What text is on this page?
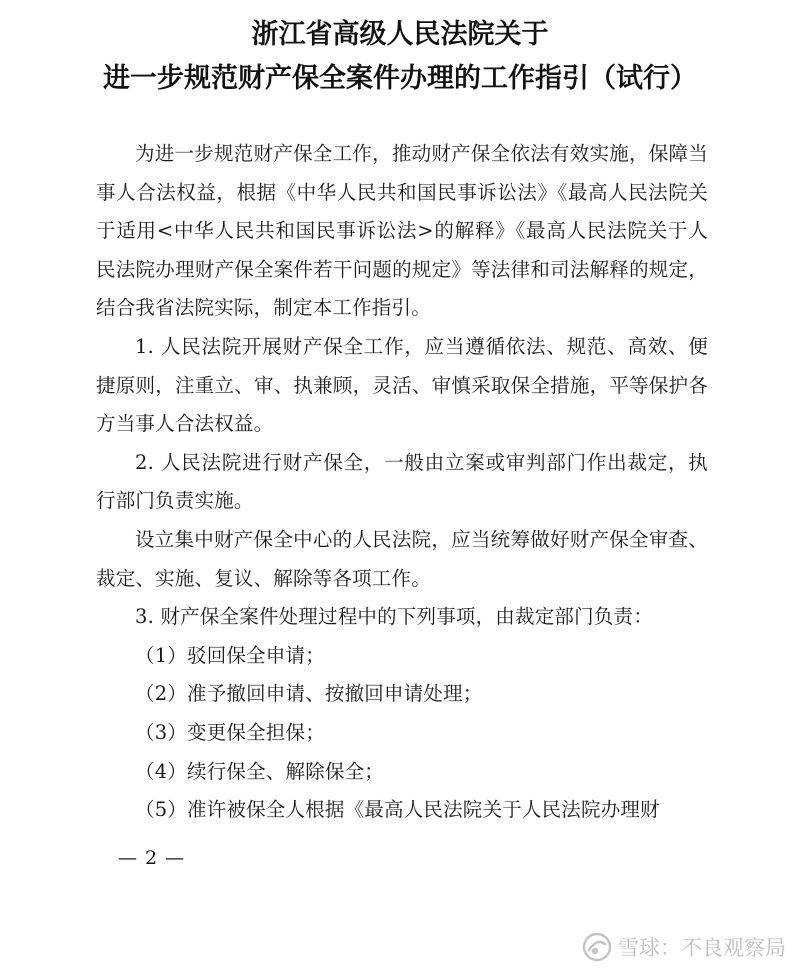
浙江省高级人民法院关于
进一步规范财产保全案件办理的工作指引（试行）

为进一步规范财产保全工作，推动财产保全依法有效实施，保障当事人合法权益，根据《中华人民共和国民事诉讼法》《最高人民法院关于适用<中华人民共和国民事诉讼法>的解释》《最高人民法院关于人民法院办理财产保全案件若干问题的规定》等法律和司法解释的规定，结合我省法院实际，制定本工作指引。

1. 人民法院开展财产保全工作，应当遵循依法、规范、高效、便捷原则，注重立、审、执兼顾，灵活、审慎采取保全措施，平等保护各方当事人合法权益。

2. 人民法院进行财产保全，一般由立案或审判部门作出裁定，执行部门负责实施。

设立集中财产保全中心的人民法院，应当统筹做好财产保全审查、裁定、实施、复议、解除等各项工作。

3. 财产保全案件处理过程中的下列事项，由裁定部门负责：

（1）驳回保全申请；

（2）准予撤回申请、按撤回申请处理；

（3）变更保全担保；

（4）续行保全、解除保全；

（5）准许被保全人根据《最高人民法院关于人民法院办理财

— 2 —
雪球：不良观察局
